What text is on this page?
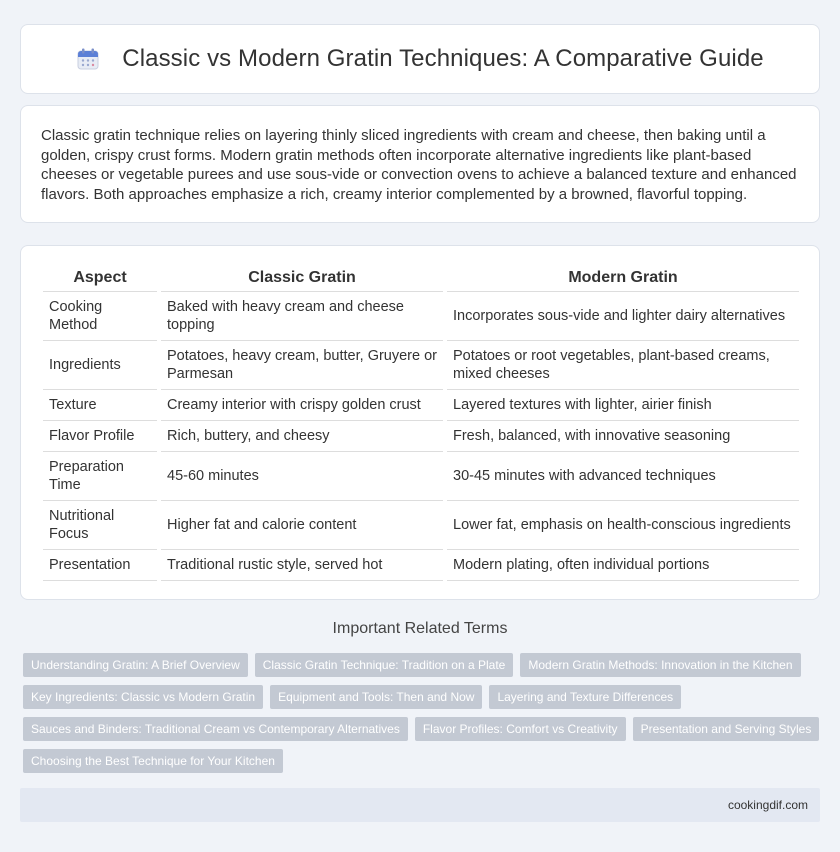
Classic vs Modern Gratin Techniques: A Comparative Guide

Classic gratin technique relies on layering thinly sliced ingredients with cream and cheese, then baking until a golden, crispy crust forms. Modern gratin methods often incorporate alternative ingredients like plant-based cheeses or vegetable purees and use sous-vide or convection ovens to achieve a balanced texture and enhanced flavors. Both approaches emphasize a rich, creamy interior complemented by a browned, flavorful topping.

Aspect	Classic Gratin	Modern Gratin
Cooking Method	Baked with heavy cream and cheese topping	Incorporates sous-vide and lighter dairy alternatives
Ingredients	Potatoes, heavy cream, butter, Gruyere or Parmesan	Potatoes or root vegetables, plant-based creams, mixed cheeses
Texture	Creamy interior with crispy golden crust	Layered textures with lighter, airier finish
Flavor Profile	Rich, buttery, and cheesy	Fresh, balanced, with innovative seasoning
Preparation Time	45-60 minutes	30-45 minutes with advanced techniques
Nutritional Focus	Higher fat and calorie content	Lower fat, emphasis on health-conscious ingredients
Presentation	Traditional rustic style, served hot	Modern plating, often individual portions
Important Related Terms
Understanding Gratin: A Brief Overview	Classic Gratin Technique: Tradition on a Plate	Modern Gratin Methods: Innovation in the Kitchen
Key Ingredients: Classic vs Modern Gratin	Equipment and Tools: Then and Now	Layering and Texture Differences
Sauces and Binders: Traditional Cream vs Contemporary Alternatives	Flavor Profiles: Comfort vs Creativity	Presentation and Serving Styles
Choosing the Best Technique for Your Kitchen
cookingdif.com
